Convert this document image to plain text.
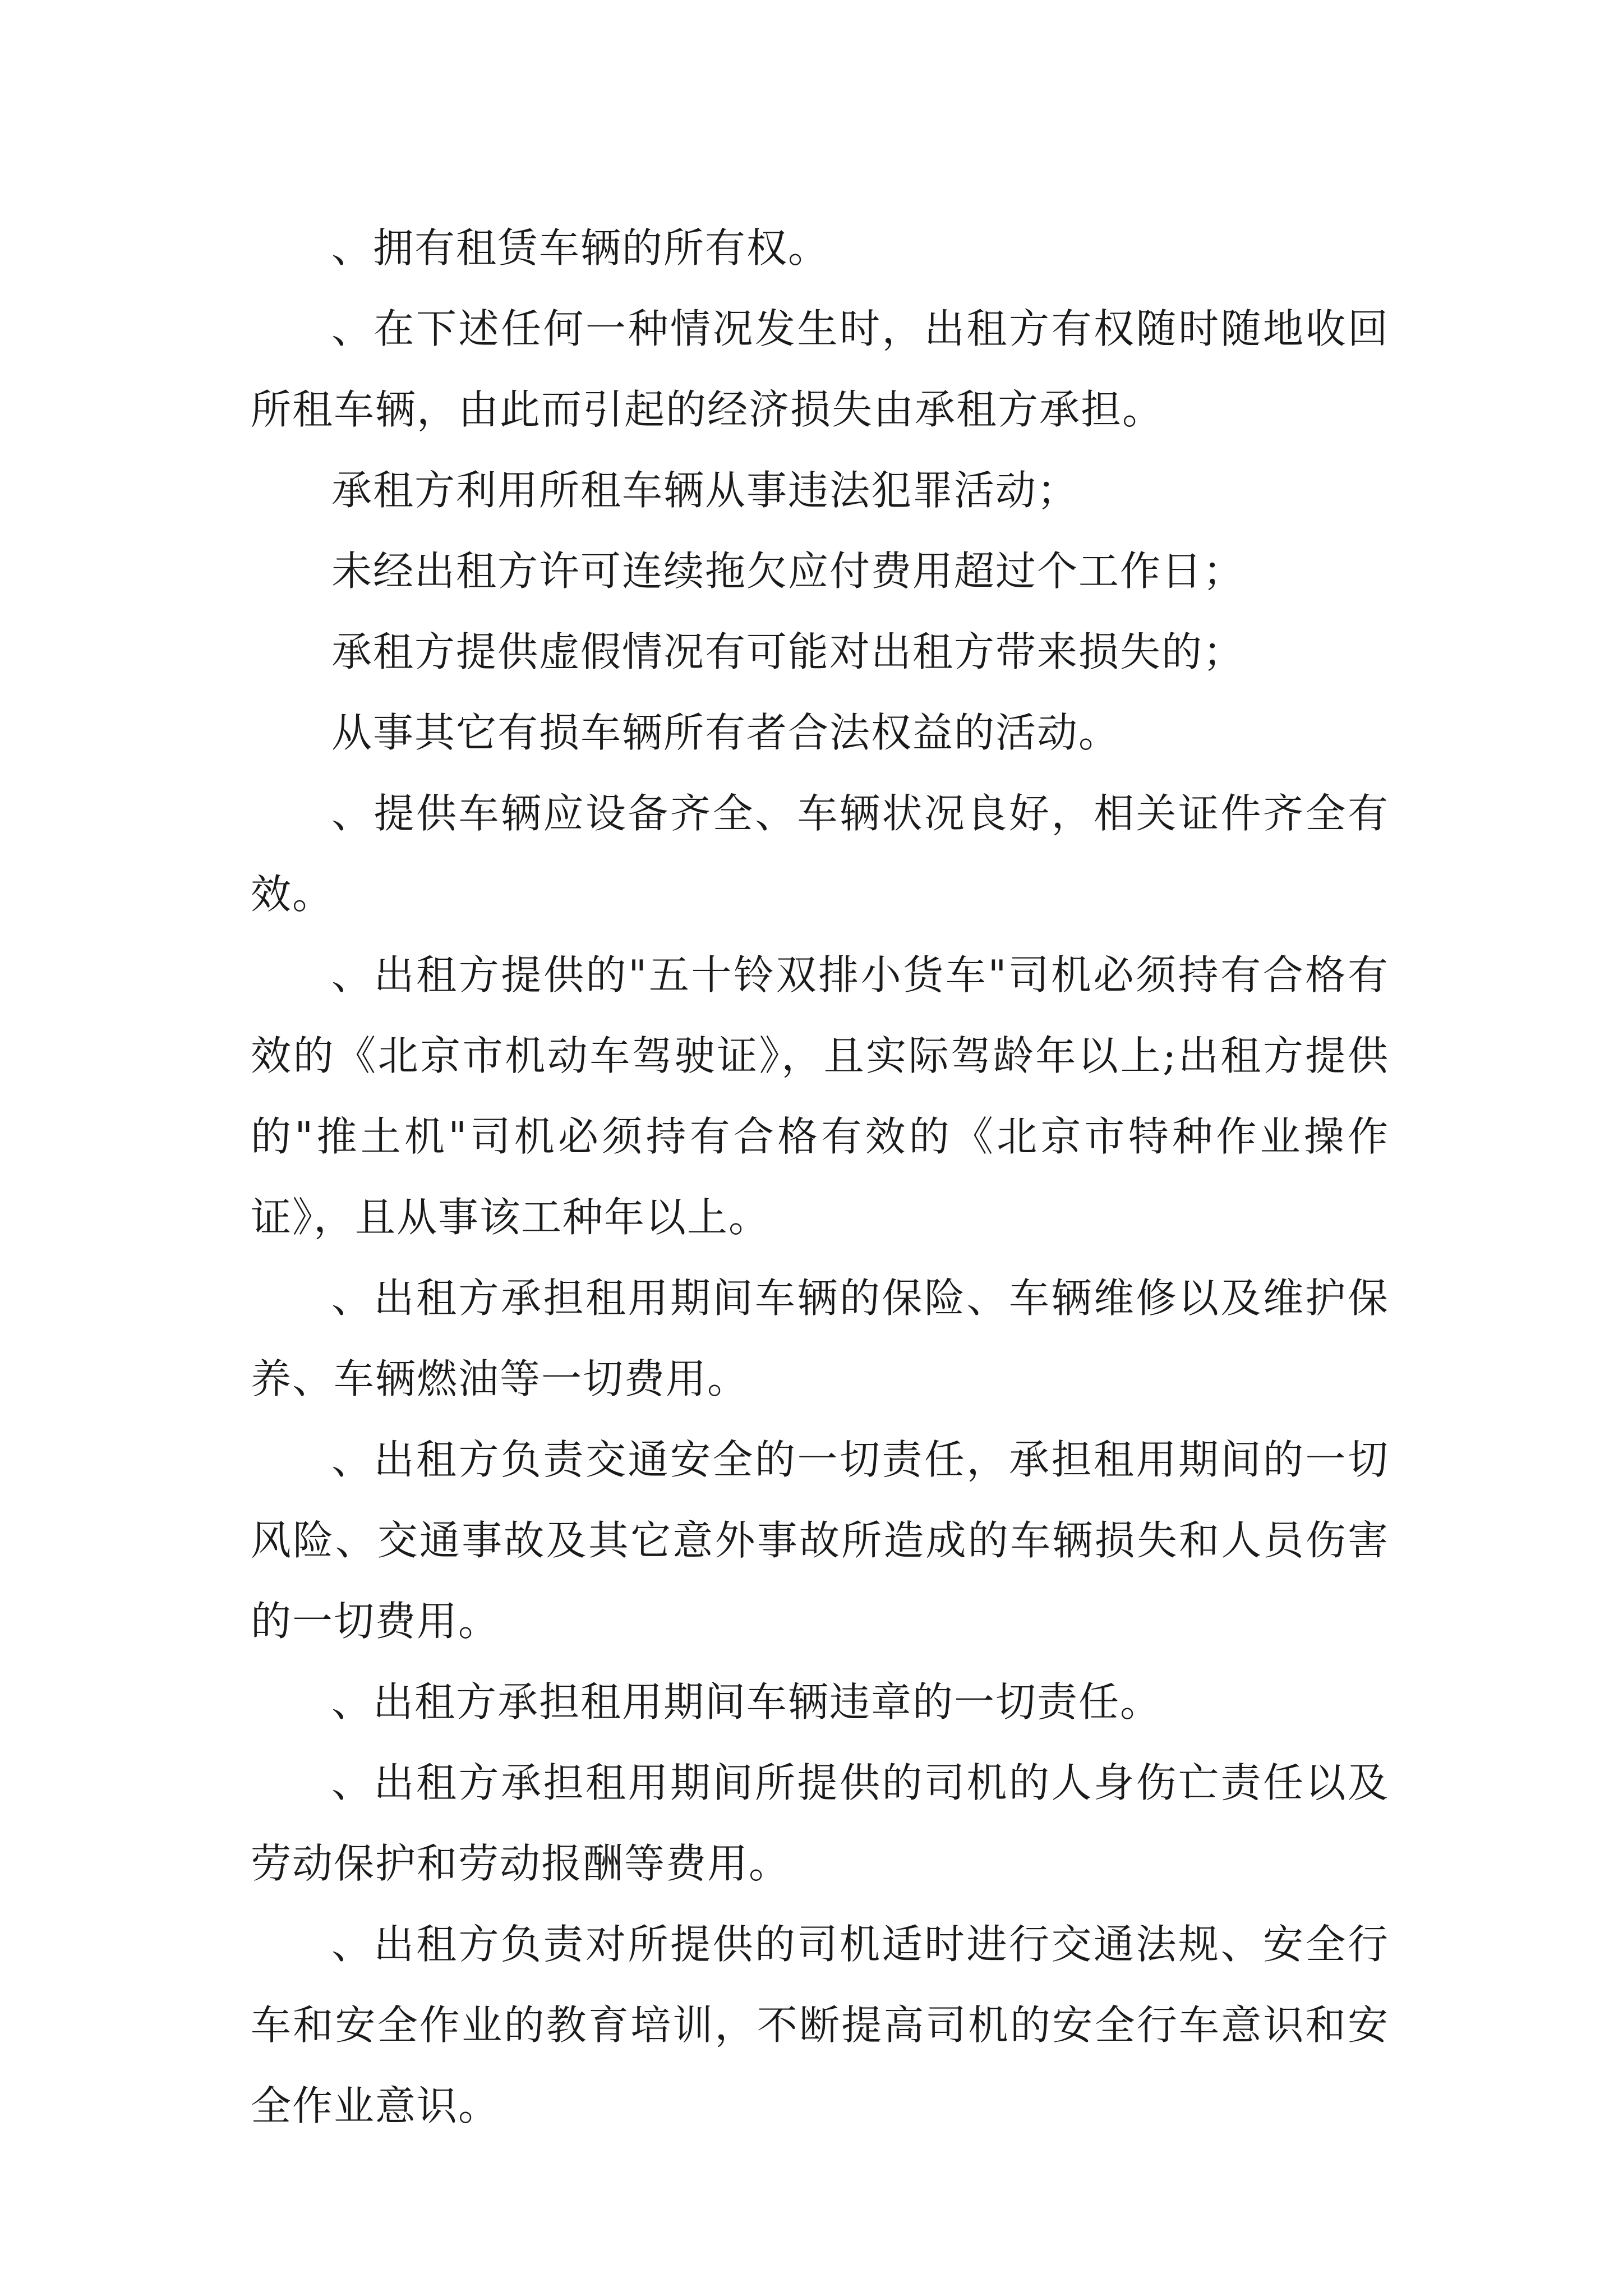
、拥有租赁车辆的所有权。

、在下述任何一种情况发生时，出租方有权随时随地收回所租车辆，由此而引起的经济损失由承租方承担。

承租方利用所租车辆从事违法犯罪活动；

未经出租方许可连续拖欠应付费用超过个工作日；

承租方提供虚假情况有可能对出租方带来损失的；

从事其它有损车辆所有者合法权益的活动。

、提供车辆应设备齐全、车辆状况良好，相关证件齐全有效。

、出租方提供的"五十铃双排小货车"司机必须持有合格有效的《北京市机动车驾驶证》，且实际驾龄年以上;出租方提供的"推土机"司机必须持有合格有效的《北京市特种作业操作证》，且从事该工种年以上。

、出租方承担租用期间车辆的保险、车辆维修以及维护保养、车辆燃油等一切费用。

、出租方负责交通安全的一切责任，承担租用期间的一切风险、交通事故及其它意外事故所造成的车辆损失和人员伤害的一切费用。

、出租方承担租用期间车辆违章的一切责任。

、出租方承担租用期间所提供的司机的人身伤亡责任以及劳动保护和劳动报酬等费用。

、出租方负责对所提供的司机适时进行交通法规、安全行车和安全作业的教育培训，不断提高司机的安全行车意识和安全作业意识。
